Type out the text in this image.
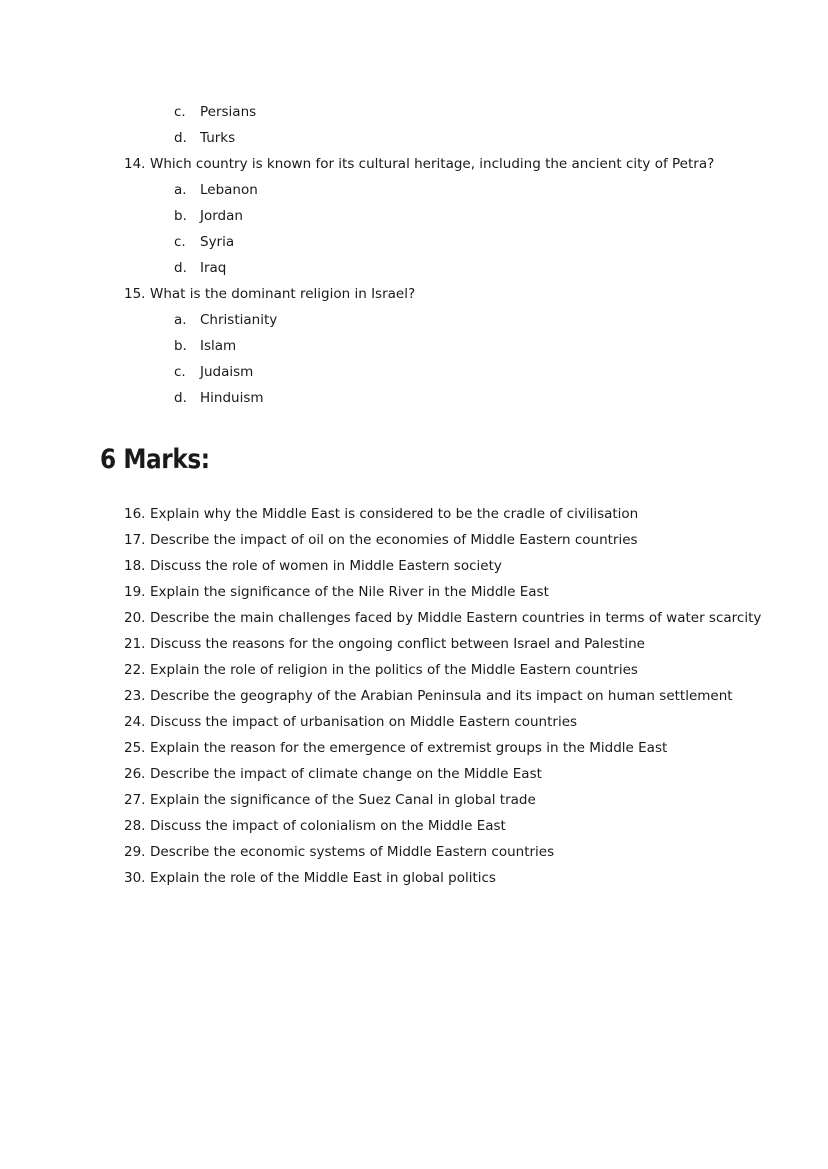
c. Persians
d. Turks
14. Which country is known for its cultural heritage, including the ancient city of Petra?
a. Lebanon
b. Jordan
c. Syria
d. Iraq
15. What is the dominant religion in Israel?
a. Christianity
b. Islam
c. Judaism
d. Hinduism
6 Marks:
16. Explain why the Middle East is considered to be the cradle of civilisation
17. Describe the impact of oil on the economies of Middle Eastern countries
18. Discuss the role of women in Middle Eastern society
19. Explain the significance of the Nile River in the Middle East
20. Describe the main challenges faced by Middle Eastern countries in terms of water scarcity
21. Discuss the reasons for the ongoing conflict between Israel and Palestine
22. Explain the role of religion in the politics of the Middle Eastern countries
23. Describe the geography of the Arabian Peninsula and its impact on human settlement
24. Discuss the impact of urbanisation on Middle Eastern countries
25. Explain the reason for the emergence of extremist groups in the Middle East
26. Describe the impact of climate change on the Middle East
27. Explain the significance of the Suez Canal in global trade
28. Discuss the impact of colonialism on the Middle East
29. Describe the economic systems of Middle Eastern countries
30. Explain the role of the Middle East in global politics
